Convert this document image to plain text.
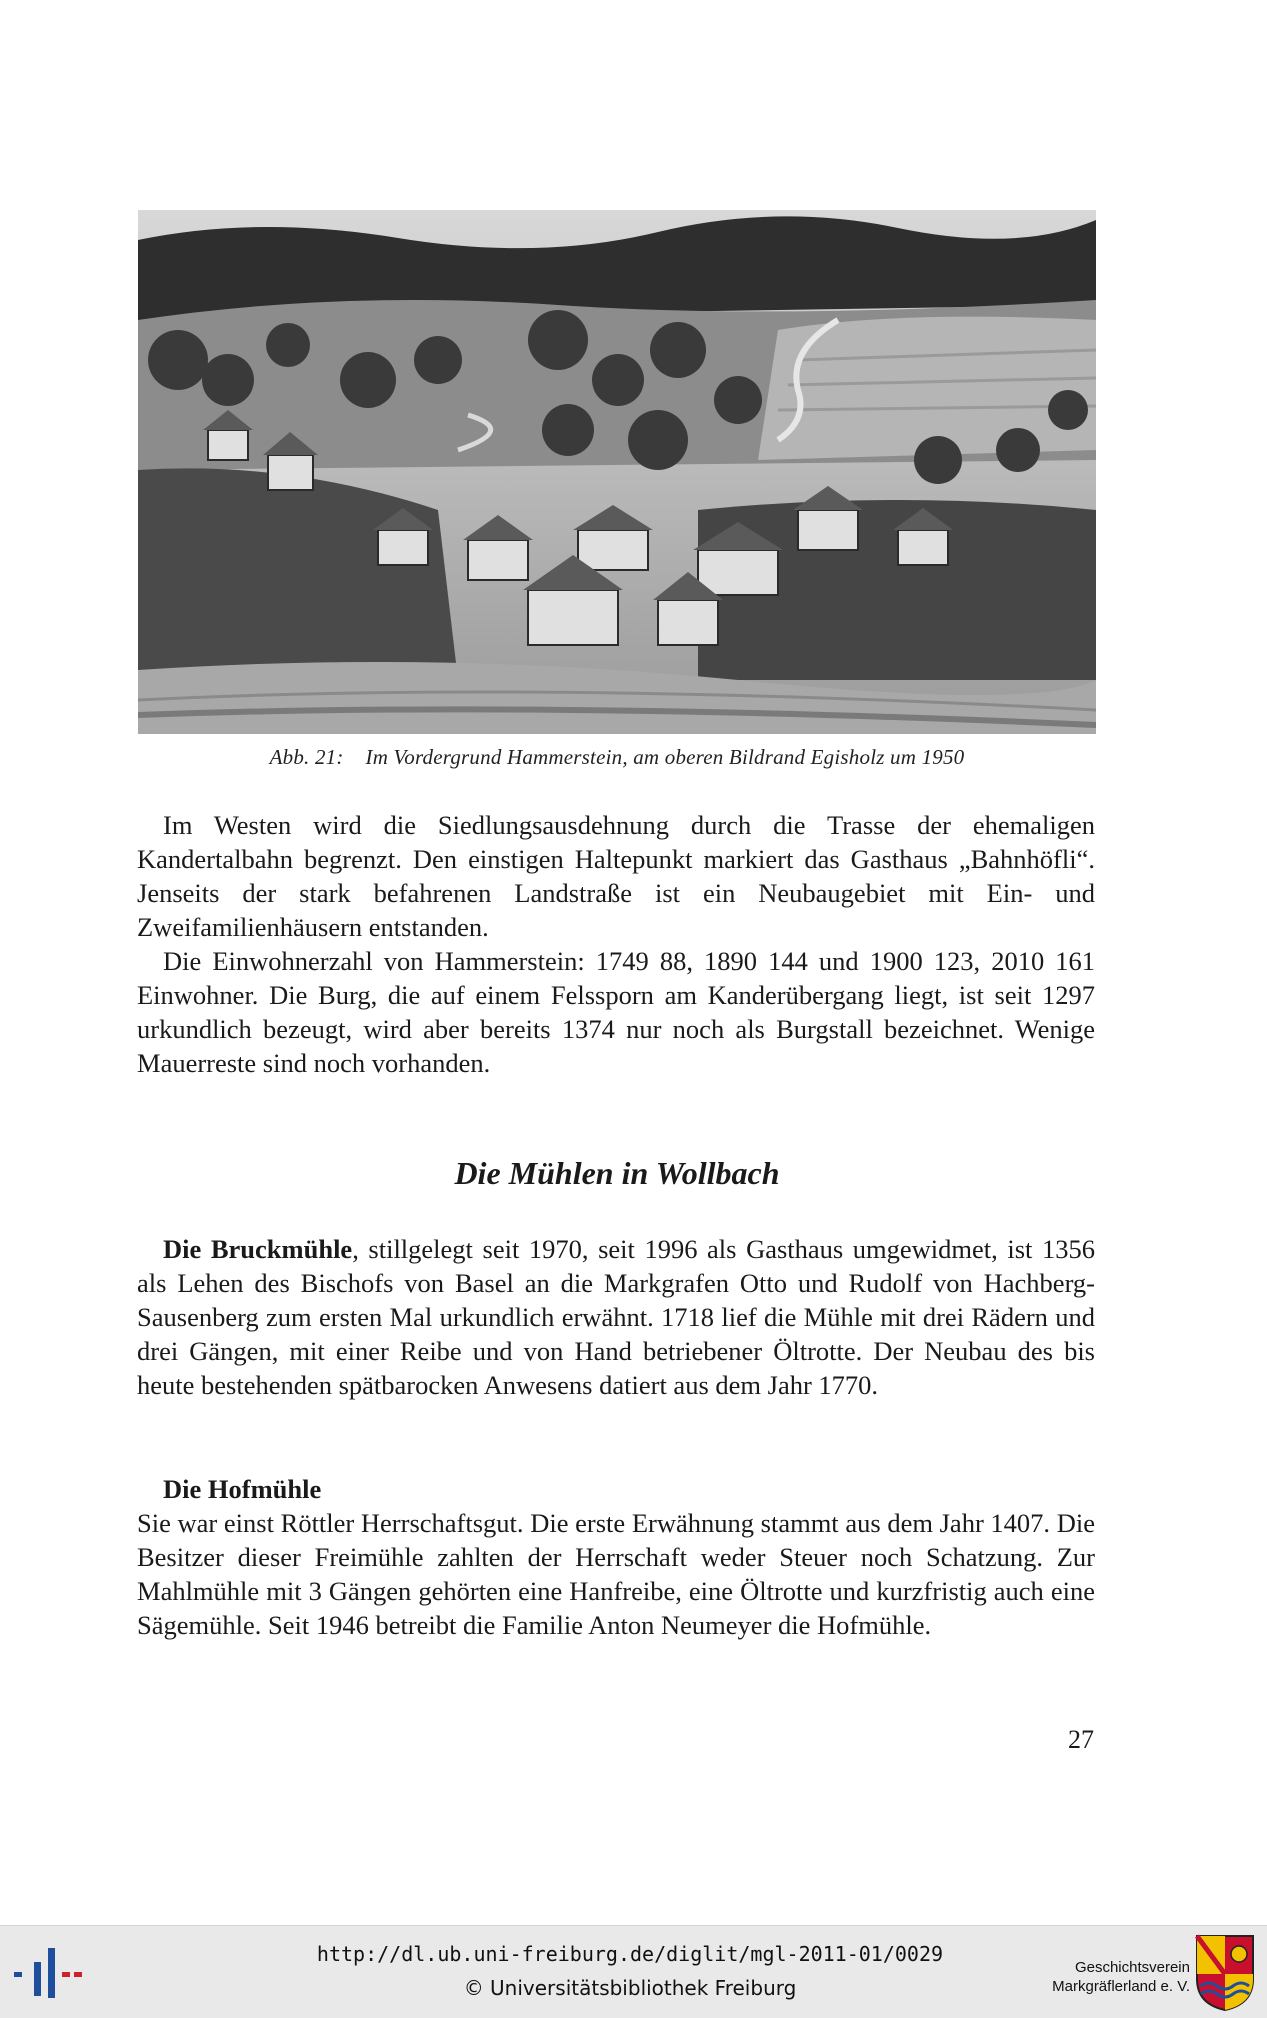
Abb. 21: Im Vordergrund Hammerstein, am oberen Bildrand Egisholz um 1950

Im Westen wird die Siedlungsausdehnung durch die Trasse der ehemaligen Kandertalbahn begrenzt. Den einstigen Haltepunkt markiert das Gasthaus „Bahnhöfli“. Jenseits der stark befahrenen Landstraße ist ein Neubaugebiet mit Ein- und Zweifamilienhäusern entstanden.

Die Einwohnerzahl von Hammerstein: 1749 88, 1890 144 und 1900 123, 2010 161 Einwohner. Die Burg, die auf einem Felssporn am Kanderübergang liegt, ist seit 1297 urkundlich bezeugt, wird aber bereits 1374 nur noch als Burgstall bezeichnet. Wenige Mauerreste sind noch vorhanden.

Die Mühlen in Wollbach

Die Bruckmühle, stillgelegt seit 1970, seit 1996 als Gasthaus umgewidmet, ist 1356 als Lehen des Bischofs von Basel an die Markgrafen Otto und Rudolf von Hachberg-Sausenberg zum ersten Mal urkundlich erwähnt. 1718 lief die Mühle mit drei Rädern und drei Gängen, mit einer Reibe und von Hand betriebener Öltrotte. Der Neubau des bis heute bestehenden spätbarocken Anwesens datiert aus dem Jahr 1770.

Die Hofmühle

Sie war einst Röttler Herrschaftsgut. Die erste Erwähnung stammt aus dem Jahr 1407. Die Besitzer dieser Freimühle zahlten der Herrschaft weder Steuer noch Schatzung. Zur Mahlmühle mit 3 Gängen gehörten eine Hanfreibe, eine Öltrotte und kurzfristig auch eine Sägemühle. Seit 1946 betreibt die Familie Anton Neumeyer die Hofmühle.

27
http://dl.ub.uni-freiburg.de/diglit/mgl-2011-01/0029
© Universitätsbibliothek Freiburg
Geschichtsverein
Markgräflerland e. V.
